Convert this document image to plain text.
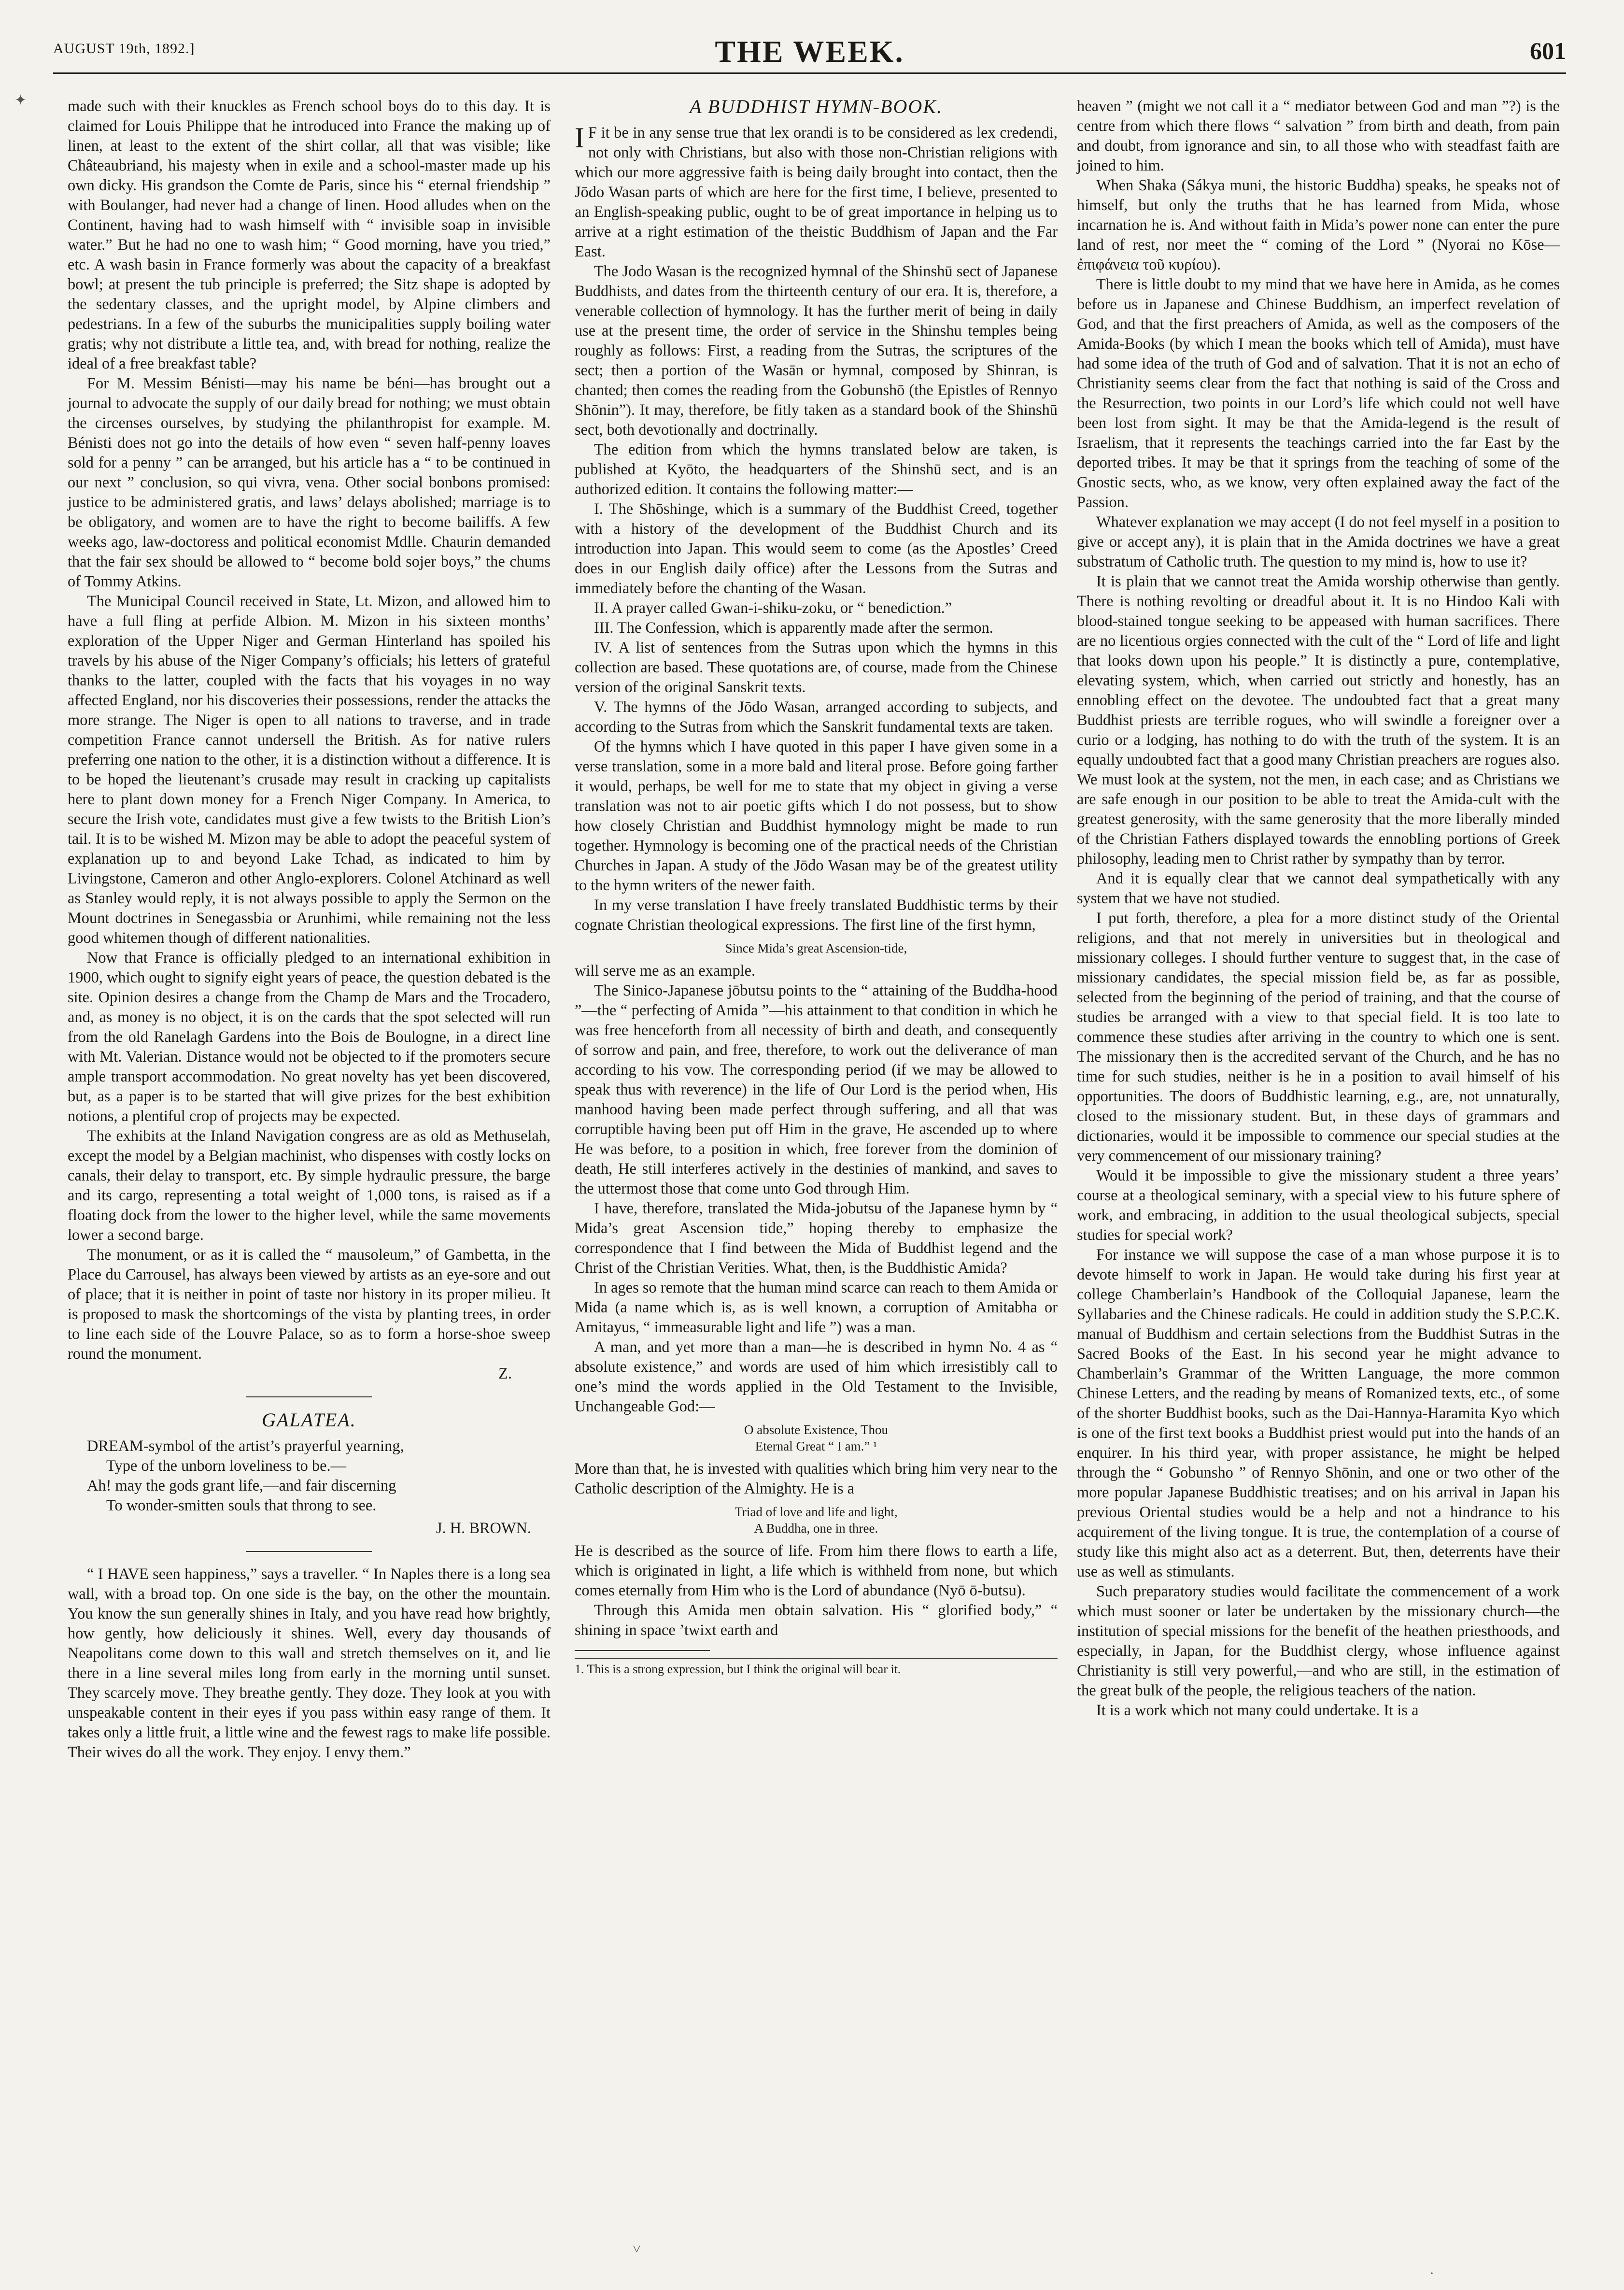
AUGUST 19th, 1892.]	THE WEEK.	601
✦	made such with their knuckles as French school boys do to this day. It is claimed for Louis Philippe that he introduced into France the making up of linen, at least to the extent of the shirt collar, all that was visible; like Châteaubriand, his majesty when in exile and a school-master made up his own dicky. His grandson the Comte de Paris, since his “ eternal friendship ” with Boulanger, had never had a change of linen. Hood alludes when on the Continent, having had to wash himself with “ invisible soap in invisible water.” But he had no one to wash him; “ Good morning, have you tried,” etc. A wash basin in France formerly was about the capacity of a breakfast bowl; at present the tub principle is preferred; the Sitz shape is adopted by the sedentary classes, and the upright model, by Alpine climbers and pedestrians. In a few of the suburbs the municipalities supply boiling water gratis; why not distribute a little tea, and, with bread for nothing, realize the ideal of a free breakfast table?

For M. Messim Bénisti—may his name be béni—has brought out a journal to advocate the supply of our daily bread for nothing; we must obtain the circenses ourselves, by studying the philanthropist for example. M. Bénisti does not go into the details of how even “ seven half-penny loaves sold for a penny ” can be arranged, but his article has a “ to be continued in our next ” conclusion, so qui vivra, vena. Other social bonbons promised: justice to be administered gratis, and laws’ delays abolished; marriage is to be obligatory, and women are to have the right to become bailiffs. A few weeks ago, law-doctoress and political economist Mdlle. Chaurin demanded that the fair sex should be allowed to “ become bold sojer boys,” the chums of Tommy Atkins.

The Municipal Council received in State, Lt. Mizon, and allowed him to have a full fling at perfide Albion. M. Mizon in his sixteen months’ exploration of the Upper Niger and German Hinterland has spoiled his travels by his abuse of the Niger Company’s officials; his letters of grateful thanks to the latter, coupled with the facts that his voyages in no way affected England, nor his discoveries their possessions, render the attacks the more strange. The Niger is open to all nations to traverse, and in trade competition France cannot undersell the British. As for native rulers preferring one nation to the other, it is a distinction without a difference. It is to be hoped the lieutenant’s crusade may result in cracking up capitalists here to plant down money for a French Niger Company. In America, to secure the Irish vote, candidates must give a few twists to the British Lion’s tail. It is to be wished M. Mizon may be able to adopt the peaceful system of explanation up to and beyond Lake Tchad, as indicated to him by Livingstone, Cameron and other Anglo-explorers. Colonel Atchinard as well as Stanley would reply, it is not always possible to apply the Sermon on the Mount doctrines in Senegassbia or Arunhimi, while remaining not the less good whitemen though of different nationalities.

Now that France is officially pledged to an international exhibition in 1900, which ought to signify eight years of peace, the question debated is the site. Opinion desires a change from the Champ de Mars and the Trocadero, and, as money is no object, it is on the cards that the spot selected will run from the old Ranelagh Gardens into the Bois de Boulogne, in a direct line with Mt. Valerian. Distance would not be objected to if the promoters secure ample transport accommodation. No great novelty has yet been discovered, but, as a paper is to be started that will give prizes for the best exhibition notions, a plentiful crop of projects may be expected.

The exhibits at the Inland Navigation congress are as old as Methuselah, except the model by a Belgian machinist, who dispenses with costly locks on canals, their delay to transport, etc. By simple hydraulic pressure, the barge and its cargo, representing a total weight of 1,000 tons, is raised as if a floating dock from the lower to the higher level, while the same movements lower a second barge.

The monument, or as it is called the “ mausoleum,” of Gambetta, in the Place du Carrousel, has always been viewed by artists as an eye-sore and out of place; that it is neither in point of taste nor history in its proper milieu. It is proposed to mask the shortcomings of the vista by planting trees, in order to line each side of the Louvre Palace, so as to form a horse-shoe sweep round the monument.

Z.
GALATEA.
DREAM-symbol of the artist’s prayerful yearning,
Type of the unborn loveliness to be.—
Ah! may the gods grant life,—and fair discerning
To wonder-smitten souls that throng to see.
J. H. BROWN.

“ I HAVE seen happiness,” says a traveller. “ In Naples there is a long sea wall, with a broad top. On one side is the bay, on the other the mountain. You know the sun generally shines in Italy, and you have read how brightly, how gently, how deliciously it shines. Well, every day thousands of Neapolitans come down to this wall and stretch themselves on it, and lie there in a line several miles long from early in the morning until sunset. They scarcely move. They breathe gently. They doze. They look at you with unspeakable content in their eyes if you pass within easy range of them. It takes only a little fruit, a little wine and the fewest rags to make life possible. Their wives do all the work. They enjoy. I envy them.”

A BUDDHIST HYMN-BOOK.

I F it be in any sense true that lex orandi is to be considered as lex credendi, not only with Christians, but also with those non-Christian religions with which our more aggressive faith is being daily brought into contact, then the Jōdo Wasan parts of which are here for the first time, I believe, presented to an English-speaking public, ought to be of great importance in helping us to arrive at a right estimation of the theistic Buddhism of Japan and the Far East.

The Jodo Wasan is the recognized hymnal of the Shinshū sect of Japanese Buddhists, and dates from the thirteenth century of our era. It is, therefore, a venerable collection of hymnology. It has the further merit of being in daily use at the present time, the order of service in the Shinshu temples being roughly as follows: First, a reading from the Sutras, the scriptures of the sect; then a portion of the Wasān or hymnal, composed by Shinran, is chanted; then comes the reading from the Gobunshō (the Epistles of Rennyo Shōnin”). It may, therefore, be fitly taken as a standard book of the Shinshū sect, both devotionally and doctrinally.

The edition from which the hymns translated below are taken, is published at Kyōto, the headquarters of the Shinshū sect, and is an authorized edition. It contains the following matter:—

I. The Shōshinge, which is a summary of the Buddhist Creed, together with a history of the development of the Buddhist Church and its introduction into Japan. This would seem to come (as the Apostles’ Creed does in our English daily office) after the Lessons from the Sutras and immediately before the chanting of the Wasan.

II. A prayer called Gwan-i-shiku-zoku, or “ benediction.”

III. The Confession, which is apparently made after the sermon.

IV. A list of sentences from the Sutras upon which the hymns in this collection are based. These quotations are, of course, made from the Chinese version of the original Sanskrit texts.

V. The hymns of the Jōdo Wasan, arranged according to subjects, and according to the Sutras from which the Sanskrit fundamental texts are taken.

Of the hymns which I have quoted in this paper I have given some in a verse translation, some in a more bald and literal prose. Before going farther it would, perhaps, be well for me to state that my object in giving a verse translation was not to air poetic gifts which I do not possess, but to show how closely Christian and Buddhist hymnology might be made to run together. Hymnology is becoming one of the practical needs of the Christian Churches in Japan. A study of the Jōdo Wasan may be of the greatest utility to the hymn writers of the newer faith.

In my verse translation I have freely translated Buddhistic terms by their cognate Christian theological expressions. The first line of the first hymn,

Since Mida’s great Ascension-tide,

will serve me as an example.

The Sinico-Japanese jōbutsu points to the “ attaining of the Buddha-hood ”—the “ perfecting of Amida ”—his attainment to that condition in which he was free henceforth from all necessity of birth and death, and consequently of sorrow and pain, and free, therefore, to work out the deliverance of man according to his vow. The corresponding period (if we may be allowed to speak thus with reverence) in the life of Our Lord is the period when, His manhood having been made perfect through suffering, and all that was corruptible having been put off Him in the grave, He ascended up to where He was before, to a position in which, free forever from the dominion of death, He still interferes actively in the destinies of mankind, and saves to the uttermost those that come unto God through Him.

I have, therefore, translated the Mida-jobutsu of the Japanese hymn by “ Mida’s great Ascension tide,” hoping thereby to emphasize the correspondence that I find between the Mida of Buddhist legend and the Christ of the Christian Verities. What, then, is the Buddhistic Amida?

In ages so remote that the human mind scarce can reach to them Amida or Mida (a name which is, as is well known, a corruption of Amitabha or Amitayus, “ immeasurable light and life ”) was a man.

A man, and yet more than a man—he is described in hymn No. 4 as “ absolute existence,” and words are used of him which irresistibly call to one’s mind the words applied in the Old Testament to the Invisible, Unchangeable God:—

O absolute Existence, Thou
Eternal Great “ I am.” ¹

More than that, he is invested with qualities which bring him very near to the Catholic description of the Almighty. He is a

Triad of love and life and light,
A Buddha, one in three.

He is described as the source of life. From him there flows to earth a life, which is originated in light, a life which is withheld from none, but which comes eternally from Him who is the Lord of abundance (Nyō ō-butsu).

Through this Amida men obtain salvation. His “ glorified body,” “ shining in space ’twixt earth and

1. This is a strong expression, but I think the original will bear it.

heaven ” (might we not call it a “ mediator between God and man ”?) is the centre from which there flows “ salvation ” from birth and death, from pain and doubt, from ignorance and sin, to all those who with steadfast faith are joined to him.

When Shaka (Sákya muni, the historic Buddha) speaks, he speaks not of himself, but only the truths that he has learned from Mida, whose incarnation he is. And without faith in Mida’s power none can enter the pure land of rest, nor meet the “ coming of the Lord ” (Nyorai no Kōse—ἐπιφάνεια τοῦ κυρίου).

There is little doubt to my mind that we have here in Amida, as he comes before us in Japanese and Chinese Buddhism, an imperfect revelation of God, and that the first preachers of Amida, as well as the composers of the Amida-Books (by which I mean the books which tell of Amida), must have had some idea of the truth of God and of salvation. That it is not an echo of Christianity seems clear from the fact that nothing is said of the Cross and the Resurrection, two points in our Lord’s life which could not well have been lost from sight. It may be that the Amida-legend is the result of Israelism, that it represents the teachings carried into the far East by the deported tribes. It may be that it springs from the teaching of some of the Gnostic sects, who, as we know, very often explained away the fact of the Passion.

Whatever explanation we may accept (I do not feel myself in a position to give or accept any), it is plain that in the Amida doctrines we have a great substratum of Catholic truth. The question to my mind is, how to use it?

It is plain that we cannot treat the Amida worship otherwise than gently. There is nothing revolting or dreadful about it. It is no Hindoo Kali with blood-stained tongue seeking to be appeased with human sacrifices. There are no licentious orgies connected with the cult of the “ Lord of life and light that looks down upon his people.” It is distinctly a pure, contemplative, elevating system, which, when carried out strictly and honestly, has an ennobling effect on the devotee. The undoubted fact that a great many Buddhist priests are terrible rogues, who will swindle a foreigner over a curio or a lodging, has nothing to do with the truth of the system. It is an equally undoubted fact that a good many Christian preachers are rogues also. We must look at the system, not the men, in each case; and as Christians we are safe enough in our position to be able to treat the Amida-cult with the greatest generosity, with the same generosity that the more liberally minded of the Christian Fathers displayed towards the ennobling portions of Greek philosophy, leading men to Christ rather by sympathy than by terror.

And it is equally clear that we cannot deal sympathetically with any system that we have not studied.

I put forth, therefore, a plea for a more distinct study of the Oriental religions, and that not merely in universities but in theological and missionary colleges. I should further venture to suggest that, in the case of missionary candidates, the special mission field be, as far as possible, selected from the beginning of the period of training, and that the course of studies be arranged with a view to that special field. It is too late to commence these studies after arriving in the country to which one is sent. The missionary then is the accredited servant of the Church, and he has no time for such studies, neither is he in a position to avail himself of his opportunities. The doors of Buddhistic learning, e.g., are, not unnaturally, closed to the missionary student. But, in these days of grammars and dictionaries, would it be impossible to commence our special studies at the very commencement of our missionary training?

Would it be impossible to give the missionary student a three years’ course at a theological seminary, with a special view to his future sphere of work, and embracing, in addition to the usual theological subjects, special studies for special work?

For instance we will suppose the case of a man whose purpose it is to devote himself to work in Japan. He would take during his first year at college Chamberlain’s Handbook of the Colloquial Japanese, learn the Syllabaries and the Chinese radicals. He could in addition study the S.P.C.K. manual of Buddhism and certain selections from the Buddhist Sutras in the Sacred Books of the East. In his second year he might advance to Chamberlain’s Grammar of the Written Language, the more common Chinese Letters, and the reading by means of Romanized texts, etc., of some of the shorter Buddhist books, such as the Dai-Hannya-Haramita Kyo which is one of the first text books a Buddhist priest would put into the hands of an enquirer. In his third year, with proper assistance, he might be helped through the “ Gobunsho ” of Rennyo Shōnin, and one or two other of the more popular Japanese Buddhistic treatises; and on his arrival in Japan his previous Oriental studies would be a help and not a hindrance to his acquirement of the living tongue. It is true, the contemplation of a course of study like this might also act as a deterrent. But, then, deterrents have their use as well as stimulants.

Such preparatory studies would facilitate the commencement of a work which must sooner or later be undertaken by the missionary church—the institution of special missions for the benefit of the heathen priesthoods, and especially, in Japan, for the Buddhist clergy, whose influence against Christianity is still very powerful,—and who are still, in the estimation of the great bulk of the people, the religious teachers of the nation.

It is a work which not many could undertake. It is a

˅
·
